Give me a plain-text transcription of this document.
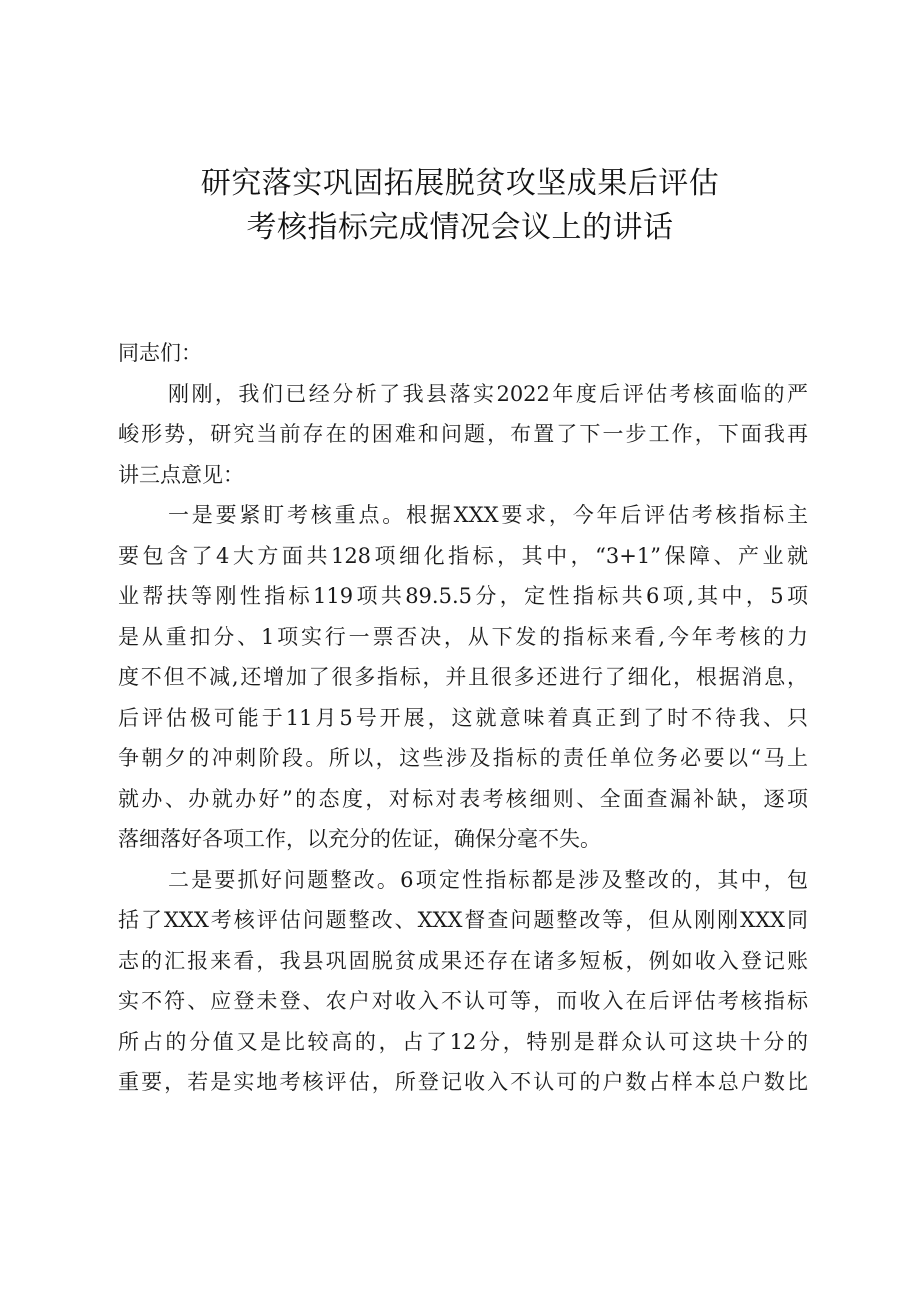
研究落实巩固拓展脱贫攻坚成果后评估
考核指标完成情况会议上的讲话
同志们：
刚刚，我们已经分析了我县落实2022年度后评估考核面临的严
峻形势，研究当前存在的困难和问题，布置了下一步工作，下面我再
讲三点意见：
一是要紧盯考核重点。根据XXX要求，今年后评估考核指标主
要包含了4大方面共128项细化指标，其中，“3+1”保障、产业就
业帮扶等刚性指标119项共89.5.5分，定性指标共6项,其中，5项
是从重扣分、1项实行一票否决，从下发的指标来看,今年考核的力
度不但不减,还增加了很多指标，并且很多还进行了细化，根据消息，
后评估极可能于11月5号开展，这就意味着真正到了时不待我、只
争朝夕的冲刺阶段。所以，这些涉及指标的责任单位务必要以“马上
就办、办就办好”的态度，对标对表考核细则、全面查漏补缺，逐项
落细落好各项工作，以充分的佐证，确保分毫不失。
二是要抓好问题整改。6项定性指标都是涉及整改的，其中，包
括了XXX考核评估问题整改、XXX督查问题整改等，但从刚刚XXX同
志的汇报来看，我县巩固脱贫成果还存在诸多短板，例如收入登记账
实不符、应登未登、农户对收入不认可等，而收入在后评估考核指标
所占的分值又是比较高的，占了12分，特别是群众认可这块十分的
重要，若是实地考核评估，所登记收入不认可的户数占样本总户数比
